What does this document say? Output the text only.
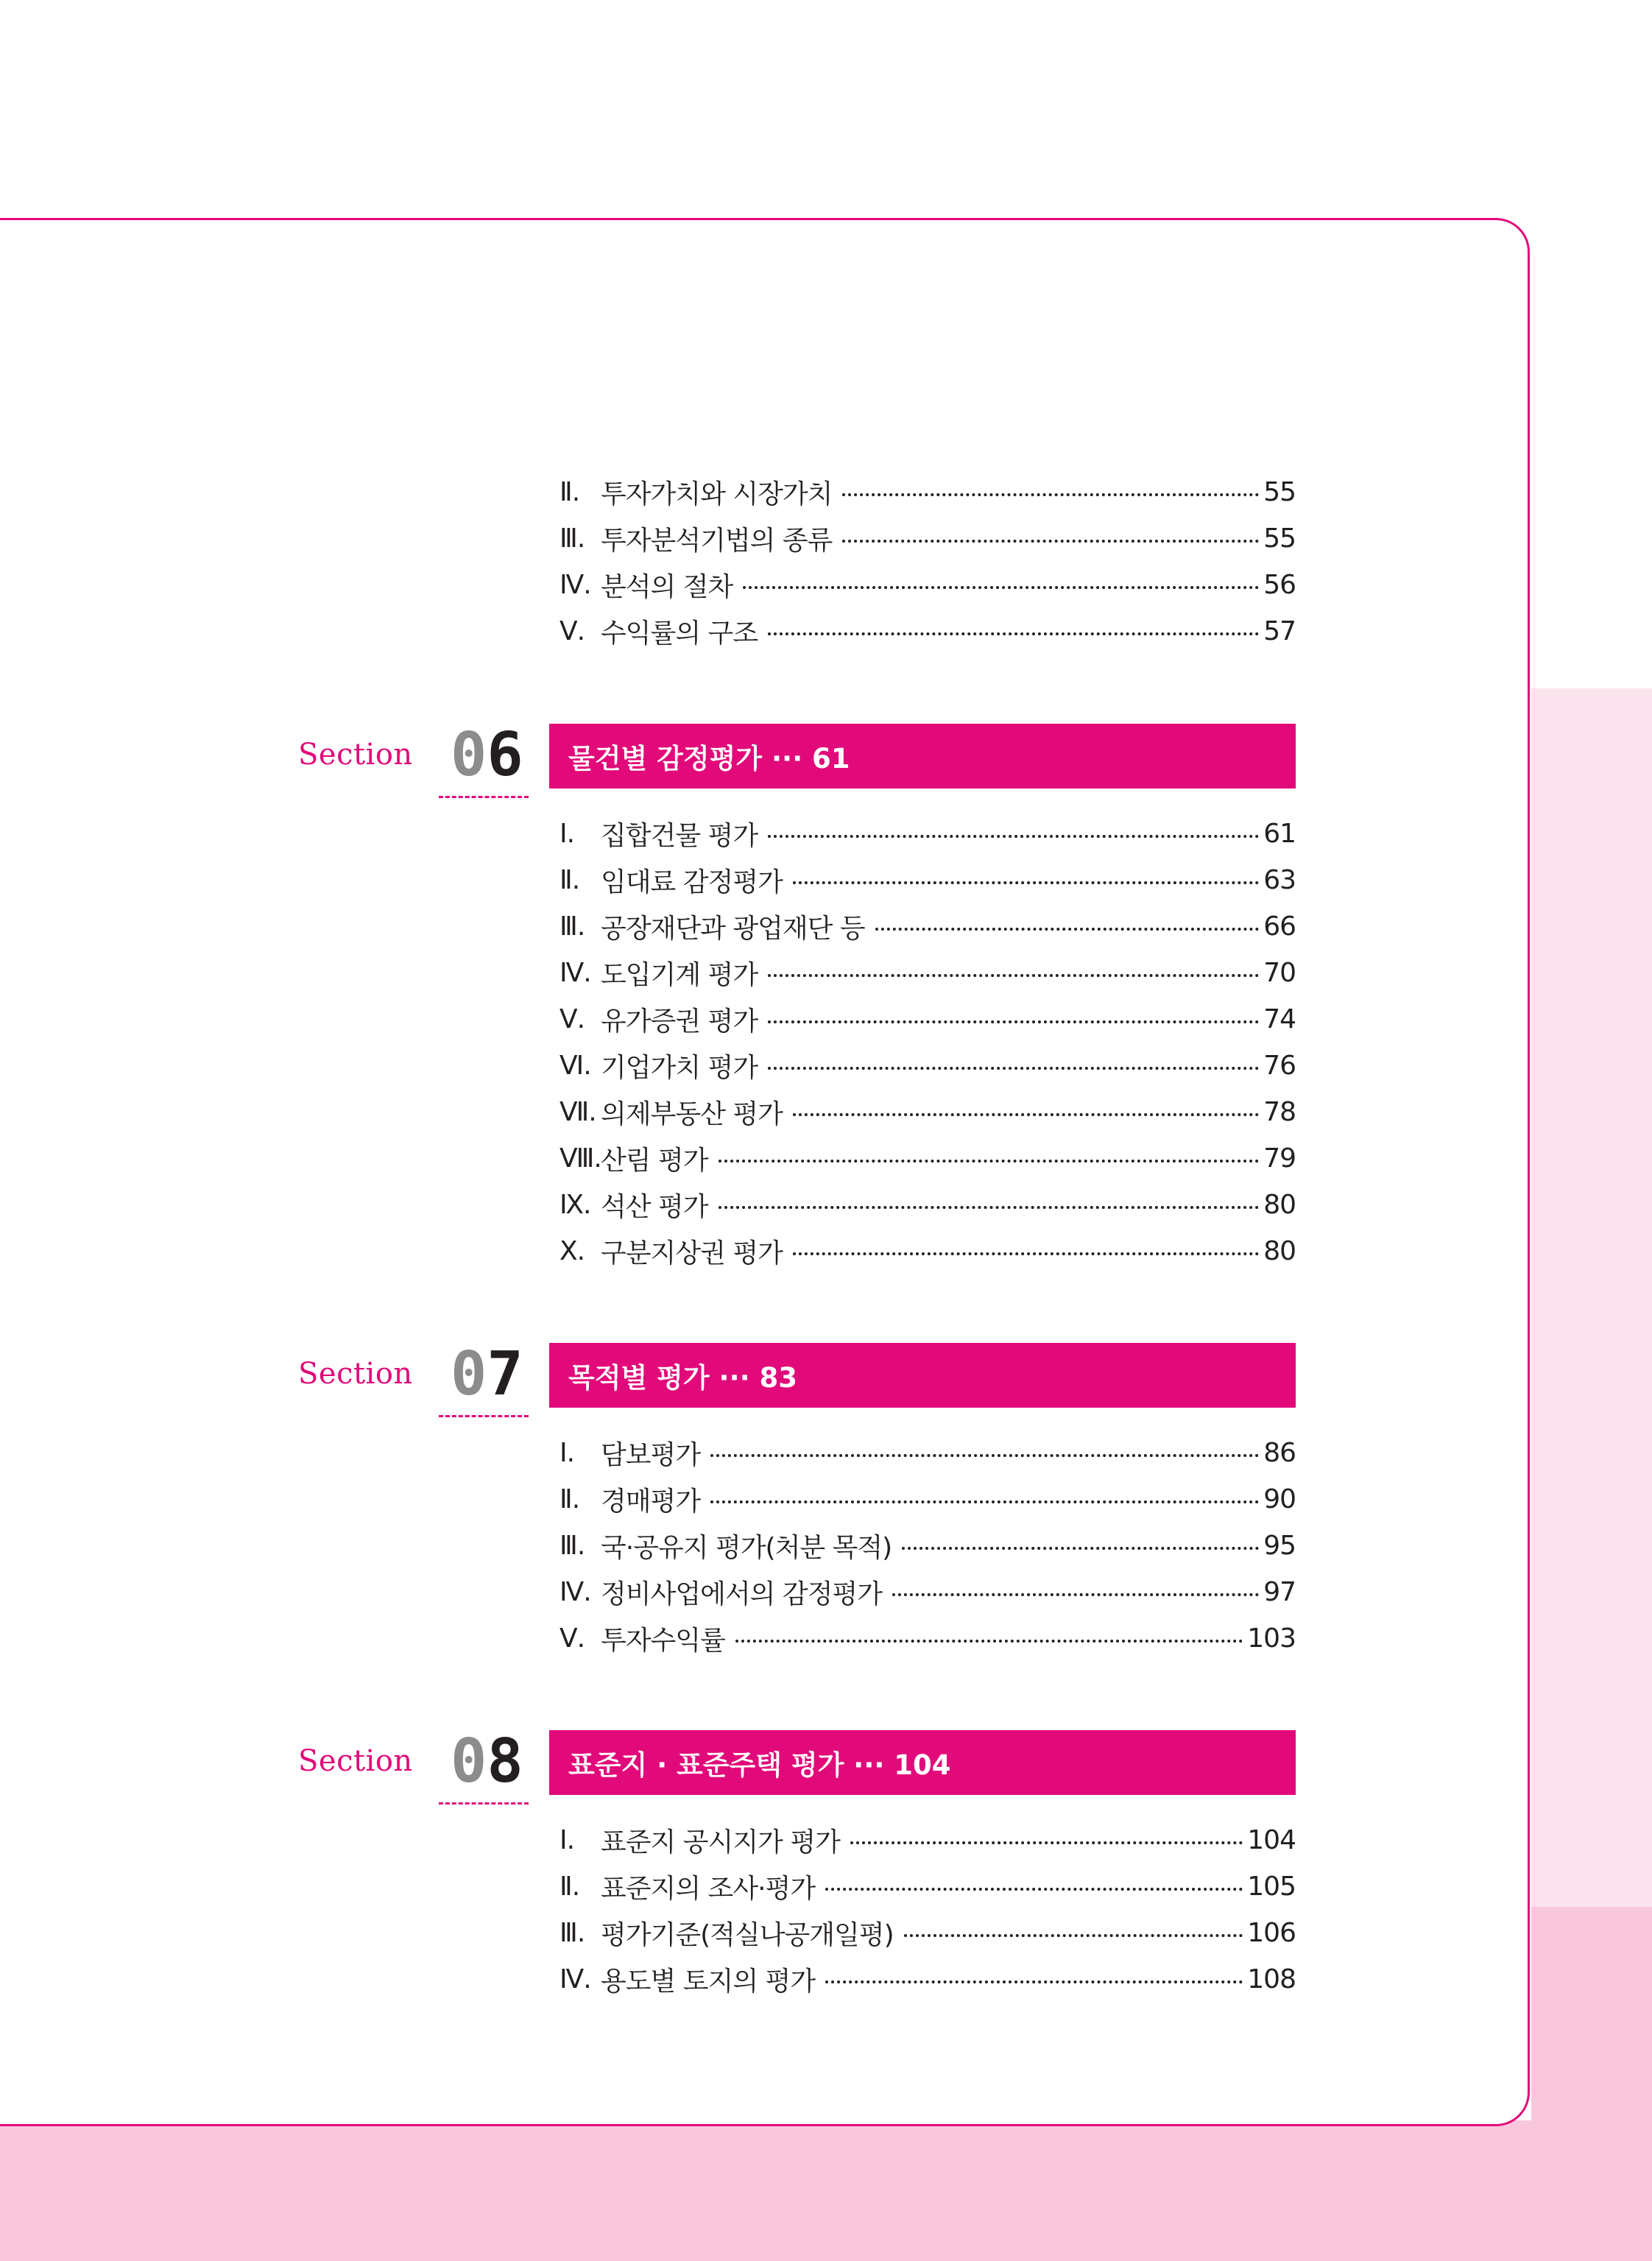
Ⅱ. 투자가치와 시장가치	55
Ⅲ. 투자분석기법의 종류	55
Ⅳ. 분석의 절차	56
Ⅴ. 수익률의 구조	57
Section 06	물건별 감정평가 ··· 61
Ⅰ. 집합건물 평가	61
Ⅱ. 임대료 감정평가	63
Ⅲ. 공장재단과 광업재단 등	66
Ⅳ. 도입기계 평가	70
Ⅴ. 유가증권 평가	74
Ⅵ. 기업가치 평가	76
Ⅶ. 의제부동산 평가	78
Ⅷ. 산림 평가	79
Ⅸ. 석산 평가	80
Ⅹ. 구분지상권 평가	80
Section 07	목적별 평가 ··· 83
Ⅰ. 담보평가	86
Ⅱ. 경매평가	90
Ⅲ. 국·공유지 평가(처분 목적)	95
Ⅳ. 정비사업에서의 감정평가	97
Ⅴ. 투자수익률	103
Section 08	표준지 · 표준주택 평가 ··· 104
Ⅰ. 표준지 공시지가 평가	104
Ⅱ. 표준지의 조사·평가	105
Ⅲ. 평가기준(적실나공개일평)	106
Ⅳ. 용도별 토지의 평가	108
